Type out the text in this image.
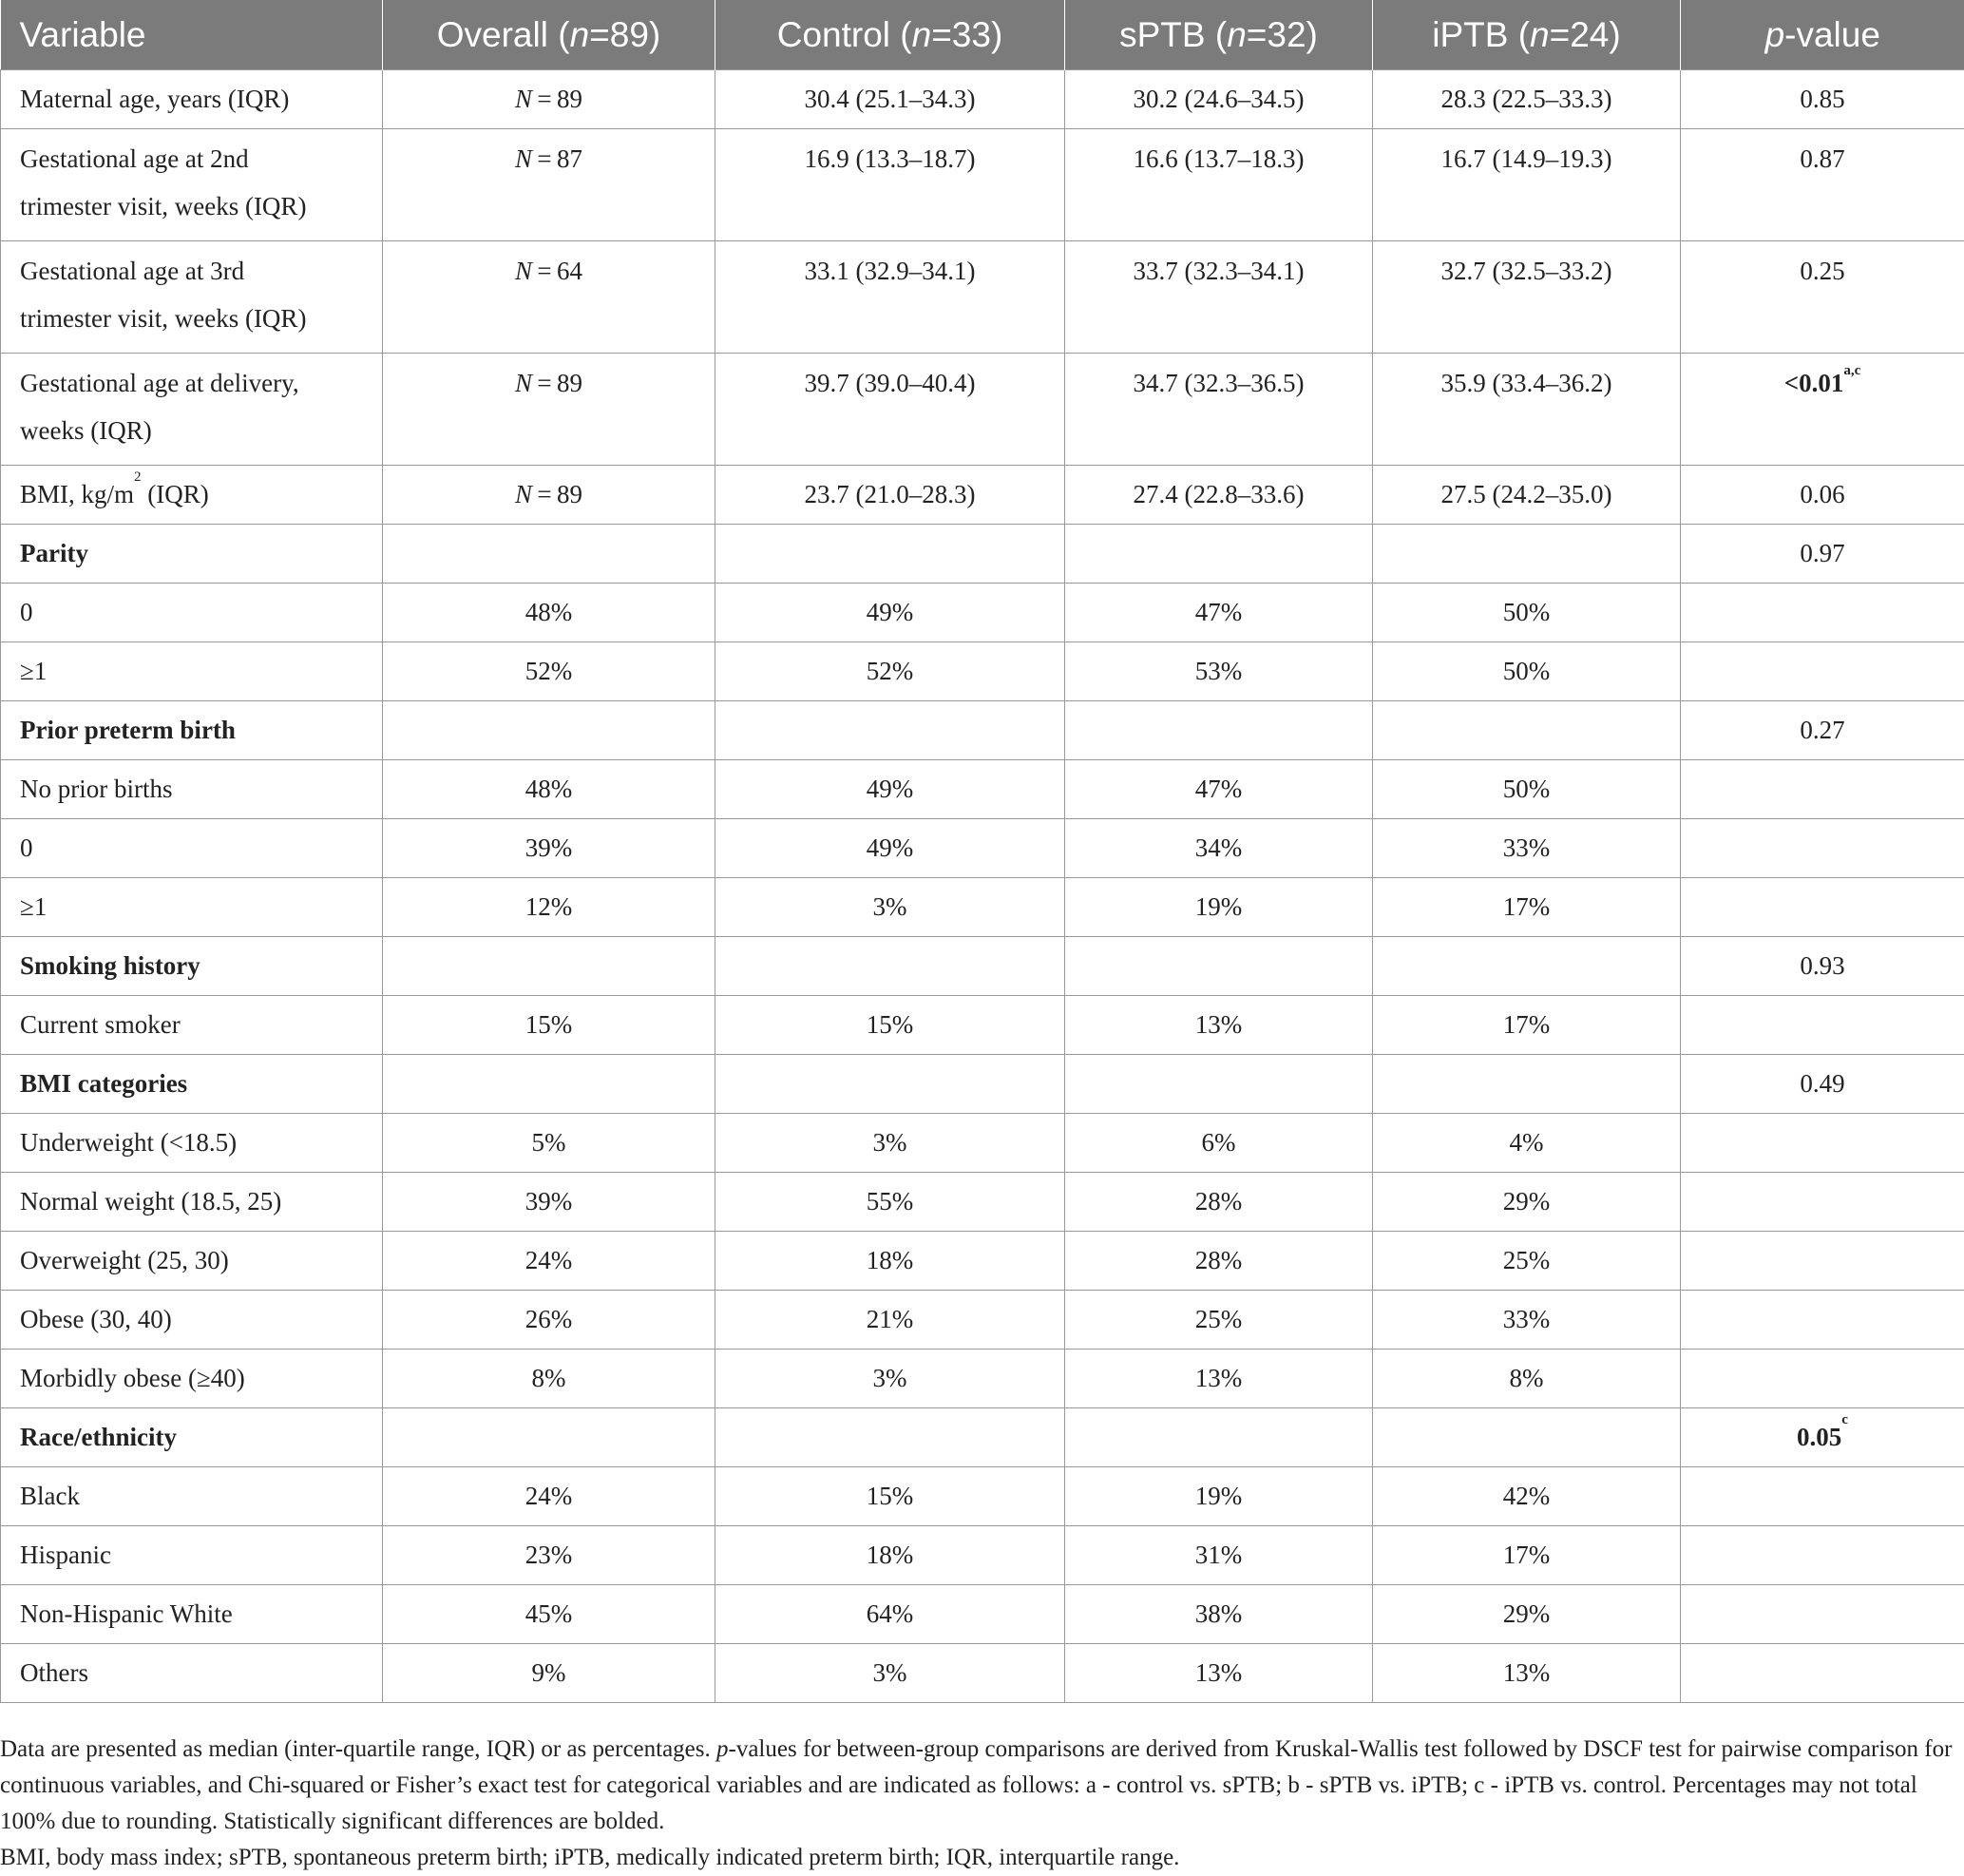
Variable	Overall (n=89)	Control (n=33)	sPTB (n=32)	iPTB (n=24)	p-value
Maternal age, years (IQR)	N = 89	30.4 (25.1–34.3)	30.2 (24.6–34.5)	28.3 (22.5–33.3)	0.85
Gestational age at 2nd
trimester visit, weeks (IQR)	N = 87	16.9 (13.3–18.7)	16.6 (13.7–18.3)	16.7 (14.9–19.3)	0.87
Gestational age at 3rd
trimester visit, weeks (IQR)	N = 64	33.1 (32.9–34.1)	33.7 (32.3–34.1)	32.7 (32.5–33.2)	0.25
Gestational age at delivery,
weeks (IQR)	N = 89	39.7 (39.0–40.4)	34.7 (32.3–36.5)	35.9 (33.4–36.2)	$<0.01^{a,c}$
BMI, $kg/m^2$ (IQR)	N = 89	23.7 (21.0–28.3)	27.4 (22.8–33.6)	27.5 (24.2–35.0)	0.06
Parity					0.97
0	48%	49%	47%	50%	
≥1	52%	52%	53%	50%	
Prior preterm birth					0.27
No prior births	48%	49%	47%	50%	
0	39%	49%	34%	33%	
≥1	12%	3%	19%	17%	
Smoking history					0.93
Current smoker	15%	15%	13%	17%	
BMI categories					0.49
Underweight (<18.5)	5%	3%	6%	4%	
Normal weight (18.5, 25)	39%	55%	28%	29%	
Overweight (25, 30)	24%	18%	28%	25%	
Obese (30, 40)	26%	21%	25%	33%	
Morbidly obese (≥40)	8%	3%	13%	8%	
Race/ethnicity					0.05$^c$
Black	24%	15%	19%	42%	
Hispanic	23%	18%	31%	17%	
Non-Hispanic White	45%	64%	38%	29%	
Others	9%	3%	13%	13%	

Data are presented as median (inter-quartile range, IQR) or as percentages. p-values for between-group comparisons are derived from Kruskal-Wallis test followed by DSCF test for pairwise comparison for continuous variables, and Chi-squared or Fisher’s exact test for categorical variables and are indicated as follows: a - control vs. sPTB; b - sPTB vs. iPTB; c - iPTB vs. control. Percentages may not total 100% due to rounding. Statistically significant differences are bolded.

BMI, body mass index; sPTB, spontaneous preterm birth; iPTB, medically indicated preterm birth; IQR, interquartile range.
